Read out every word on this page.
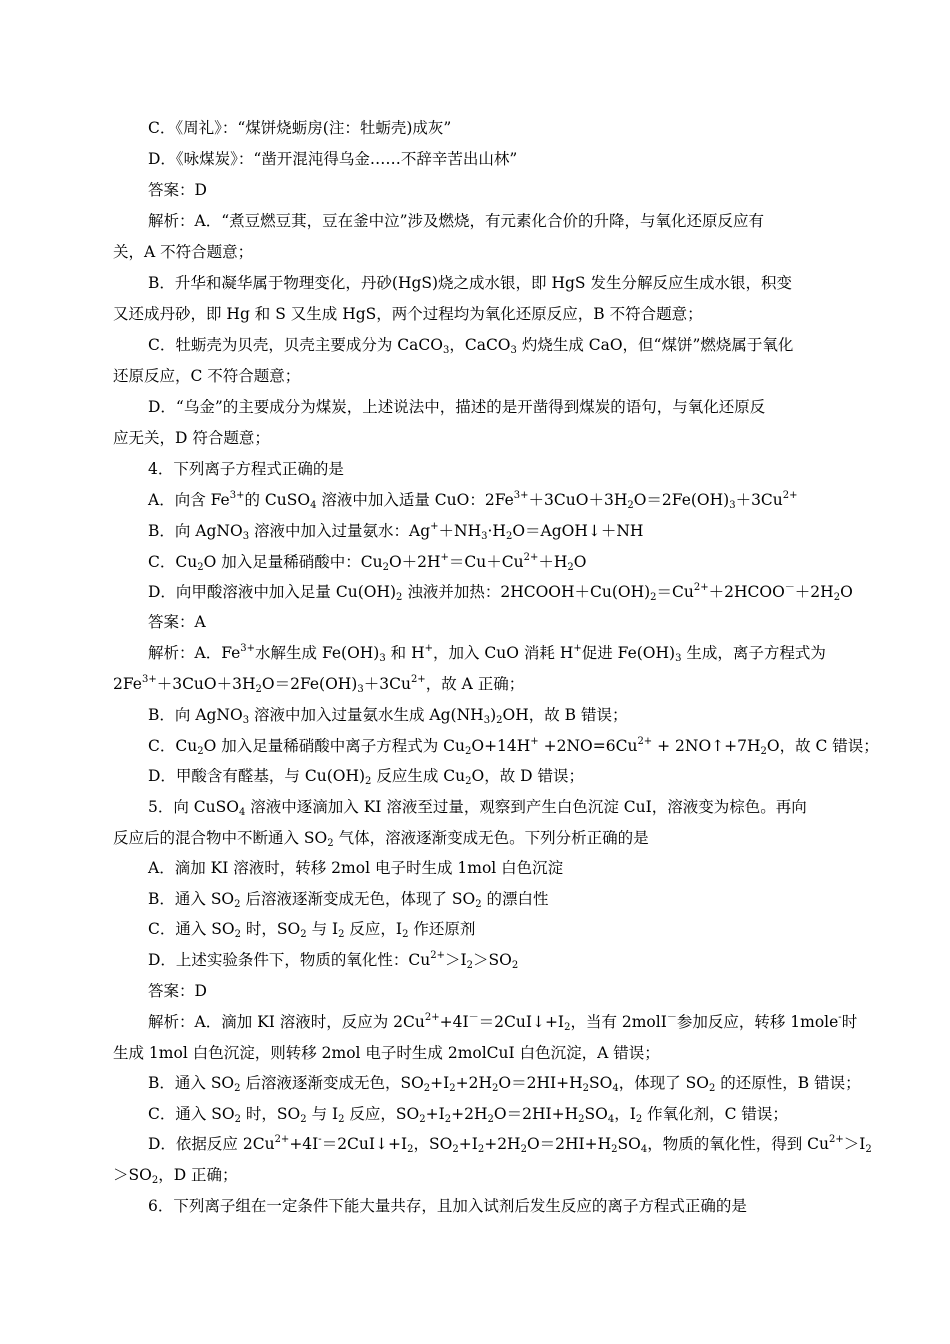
C．《周礼》：“煤饼烧蛎房(注：牡蛎壳)成灰”
D．《咏煤炭》：“凿开混沌得乌金……不辞辛苦出山林”
答案：D
解析：A．“煮豆燃豆萁，豆在釜中泣”涉及燃烧，有元素化合价的升降，与氧化还原反应有
关，A 不符合题意；
B．升华和凝华属于物理变化，丹砂(HgS)烧之成水银，即 HgS 发生分解反应生成水银，积变
又还成丹砂，即 Hg 和 S 又生成 HgS，两个过程均为氧化还原反应，B 不符合题意；
C．牡蛎壳为贝壳，贝壳主要成分为 CaCO$_3$，CaCO$_3$ 灼烧生成 CaO，但“煤饼”燃烧属于氧化
还原反应，C 不符合题意；
D．“乌金”的主要成分为煤炭，上述说法中，描述的是开凿得到煤炭的语句，与氧化还原反
应无关，D 符合题意；
4．下列离子方程式正确的是
A．向含 $Fe^{3+}$的 CuSO$_4$ 溶液中加入适量 CuO：$2Fe^{3+}+3CuO+3H_2O=2Fe(OH)_3+3Cu^{2+}$
B．向 AgNO$_3$ 溶液中加入过量氨水：$Ag^++NH_3\cdot H_2O=AgOH↓+NH$
C．$Cu_2O$ 加入足量稀硝酸中：$Cu_2O+2H^+=Cu+Cu^{2+}+H_2O$
D．向甲酸溶液中加入足量 $Cu(OH)_2$ 浊液并加热：$2HCOOH+Cu(OH)_2=Cu^{2+}+2HCOO^-+2H_2O$
答案：A
解析：A．$Fe^{3+}$水解生成 $Fe(OH)_3$ 和 H+，加入 CuO 消耗 H+促进 $Fe(OH)_3$ 生成，离子方程式为
$2Fe^{3+}+3CuO+3H_2O=2Fe(OH)_3+3Cu^{2+}$，故 A 正确；
B．向 AgNO$_3$ 溶液中加入过量氨水生成 $Ag(NH_3)_2OH$，故 B 错误；
C．$Cu_2O$ 加入足量稀硝酸中离子方程式为 $Cu_2O+14H^+ +2NO=6Cu^{2+}$ + $2NO↑+7H_2O$，故 C 错误；
D．甲酸含有醛基，与 $Cu(OH)_2$ 反应生成 $Cu_2O$，故 D 错误；
5．向 CuSO$_4$ 溶液中逐滴加入 KI 溶液至过量，观察到产生白色沉淀 CuI，溶液变为棕色。再向
反应后的混合物中不断通入 $SO_2$ 气体，溶液逐渐变成无色。下列分析正确的是
A．滴加 KI 溶液时，转移 2mol 电子时生成 1mol 白色沉淀
B．通入 $SO_2$ 后溶液逐渐变成无色，体现了 $SO_2$ 的漂白性
C．通入 $SO_2$ 时，$SO_2$ 与 $I_2$ 反应，$I_2$ 作还原剂
D．上述实验条件下，物质的氧化性：$Cu^{2+}>I_2>SO_2$
答案：D
解析：A．滴加 KI 溶液时，反应为 $2Cu^{2+}+4I^-=2CuI↓+I_2$，当有 2molI－参加反应，转移 1mole-时
生成 1mol 白色沉淀，则转移 2mol 电子时生成 2molCuI 白色沉淀，A 错误；
B．通入 $SO_2$ 后溶液逐渐变成无色，$SO_2+I_2+2H_2O=2HI+H_2SO_4$，体现了 $SO_2$ 的还原性，B 错误；
C．通入 $SO_2$ 时，$SO_2$ 与 $I_2$ 反应，$SO_2+I_2+2H_2O=2HI+H_2SO_4$，$I_2$ 作氧化剂，C 错误；
D．依据反应 $2Cu^{2+}+4I^-=2CuI↓+I_2$，$SO_2+I_2+2H_2O=2HI+H_2SO_4$，物质的氧化性，得到 $Cu^{2+}>I_2$
$>SO_2$，D 正确；
6．下列离子组在一定条件下能大量共存，且加入试剂后发生反应的离子方程式正确的是
